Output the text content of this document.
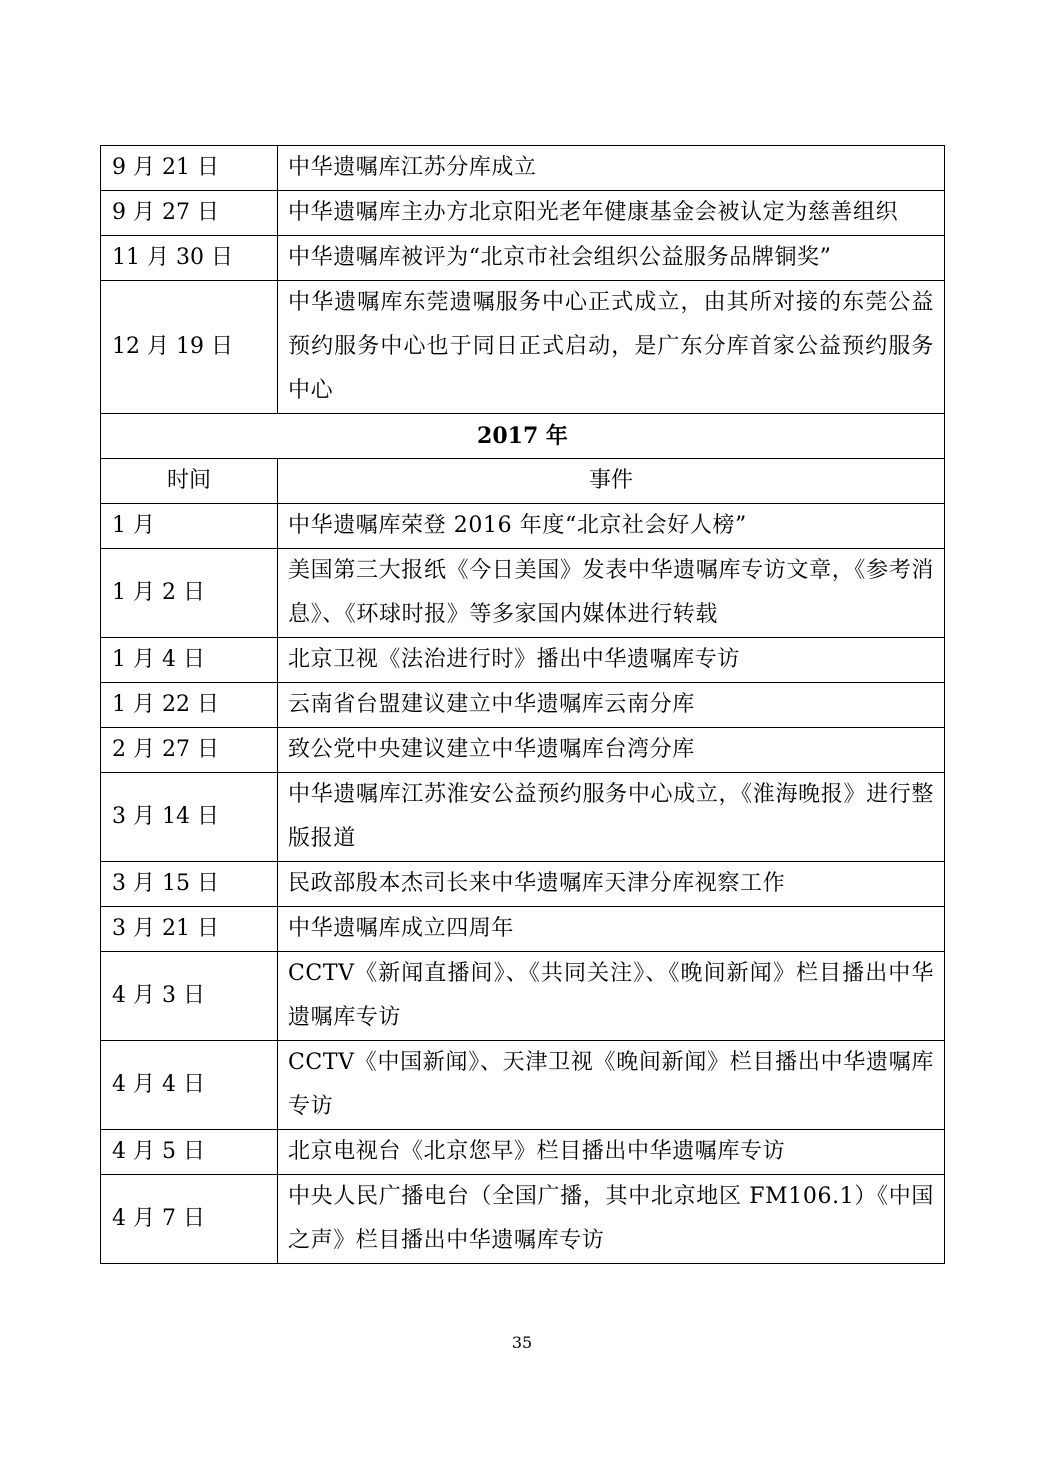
9 月 21 日	中华遗嘱库江苏分库成立
9 月 27 日	中华遗嘱库主办方北京阳光老年健康基金会被认定为慈善组织
11 月 30 日	中华遗嘱库被评为“北京市社会组织公益服务品牌铜奖”
12 月 19 日	中华遗嘱库东莞遗嘱服务中心正式成立，由其所对接的东莞公益预约服务中心也于同日正式启动，是广东分库首家公益预约服务中心
2017 年	
时间	事件
1 月	中华遗嘱库荣登 2016 年度“北京社会好人榜”
1 月 2 日	美国第三大报纸《今日美国》发表中华遗嘱库专访文章，《参考消息》、《环球时报》等多家国内媒体进行转载
1 月 4 日	北京卫视《法治进行时》播出中华遗嘱库专访
1 月 22 日	云南省台盟建议建立中华遗嘱库云南分库
2 月 27 日	致公党中央建议建立中华遗嘱库台湾分库
3 月 14 日	中华遗嘱库江苏淮安公益预约服务中心成立，《淮海晚报》进行整版报道
3 月 15 日	民政部殷本杰司长来中华遗嘱库天津分库视察工作
3 月 21 日	中华遗嘱库成立四周年
4 月 3 日	CCTV《新闻直播间》、《共同关注》、《晚间新闻》栏目播出中华遗嘱库专访
4 月 4 日	CCTV《中国新闻》、天津卫视《晚间新闻》栏目播出中华遗嘱库专访
4 月 5 日	北京电视台《北京您早》栏目播出中华遗嘱库专访
4 月 7 日	中央人民广播电台（全国广播，其中北京地区 FM106.1）《中国之声》栏目播出中华遗嘱库专访
35
